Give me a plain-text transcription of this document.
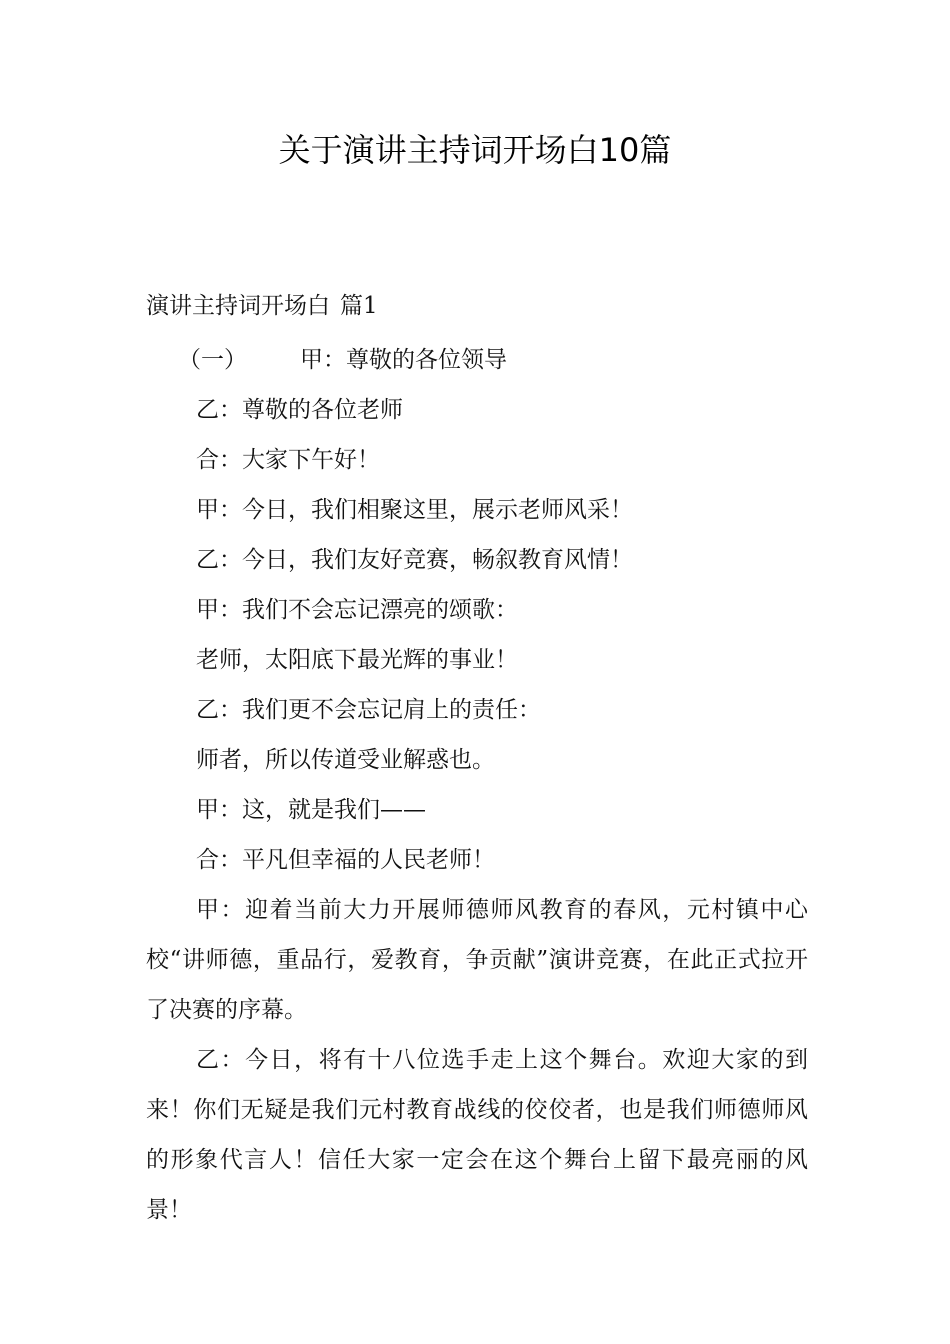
关于演讲主持词开场白10篇

演讲主持词开场白 篇1

（一） 甲：尊敬的各位领导

乙：尊敬的各位老师

合：大家下午好！

甲：今日，我们相聚这里，展示老师风采！

乙：今日，我们友好竞赛，畅叙教育风情！

甲：我们不会忘记漂亮的颂歌：

老师，太阳底下最光辉的事业！

乙：我们更不会忘记肩上的责任：

师者，所以传道受业解惑也。

甲：这，就是我们——

合：平凡但幸福的人民老师！

甲：迎着当前大力开展师德师风教育的春风，元村镇中心校“讲师德，重品行，爱教育，争贡献”演讲竞赛，在此正式拉开了决赛的序幕。

乙：今日，将有十八位选手走上这个舞台。欢迎大家的到来！你们无疑是我们元村教育战线的佼佼者，也是我们师德师风的形象代言人！信任大家一定会在这个舞台上留下最亮丽的风景！
